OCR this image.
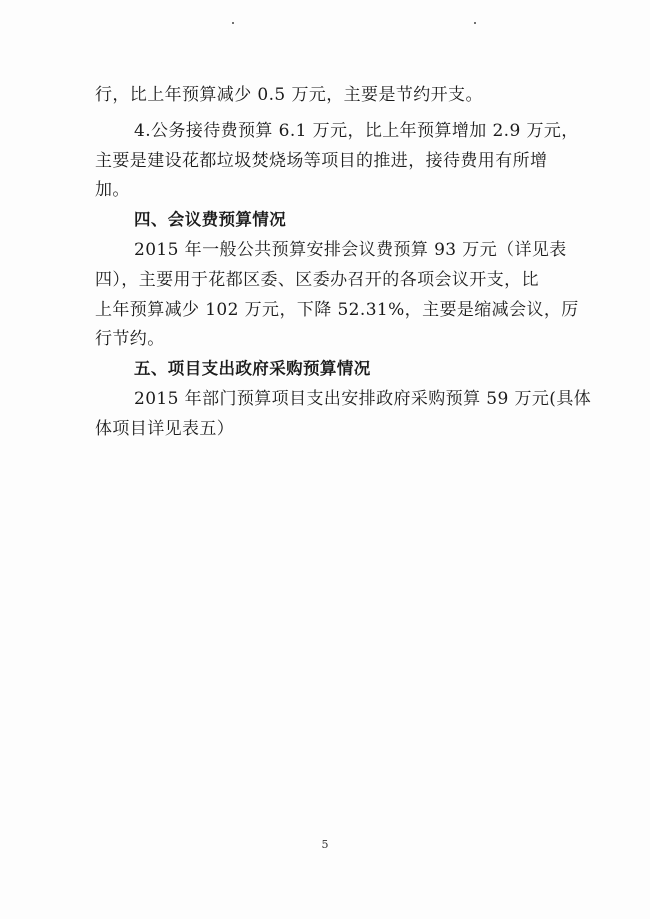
行，比上年预算减少 0.5 万元，主要是节约开支。
4.公务接待费预算 6.1 万元，比上年预算增加 2.9 万元，
主要是建设花都垃圾焚烧场等项目的推进，接待费用有所增
加。
四、会议费预算情况
2015 年一般公共预算安排会议费预算 93 万元（详见表
四），主要用于花都区委、区委办召开的各项会议开支，比
上年预算减少 102 万元，下降 52.31%，主要是缩减会议，厉
行节约。
五、项目支出政府采购预算情况
2015 年部门预算项目支出安排政府采购预算 59 万元(具体
体项目详见表五）
5
